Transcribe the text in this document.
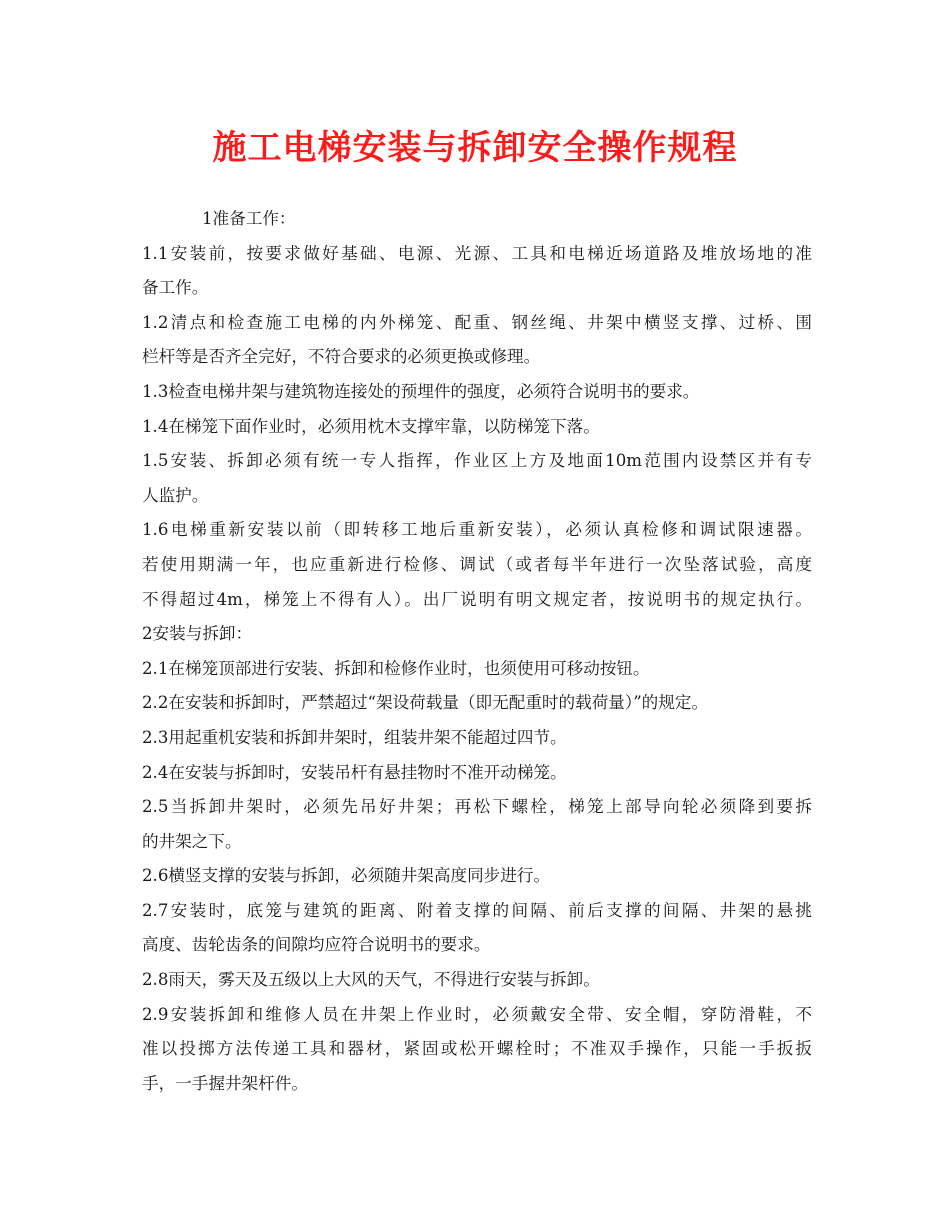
施工电梯安装与拆卸安全操作规程
1准备工作：
1.1安装前，按要求做好基础、电源、光源、工具和电梯近场道路及堆放场地的准
备工作。
1.2清点和检查施工电梯的内外梯笼、配重、钢丝绳、井架中横竖支撑、过桥、围
栏杆等是否齐全完好，不符合要求的必须更换或修理。
1.3检查电梯井架与建筑物连接处的预埋件的强度，必须符合说明书的要求。
1.4在梯笼下面作业时，必须用枕木支撑牢靠，以防梯笼下落。
1.5安装、拆卸必须有统一专人指挥，作业区上方及地面10m范围内设禁区并有专
人监护。
1.6电梯重新安装以前（即转移工地后重新安装），必须认真检修和调试限速器。
若使用期满一年，也应重新进行检修、调试（或者每半年进行一次坠落试验，高度
不得超过4m，梯笼上不得有人）。出厂说明有明文规定者，按说明书的规定执行。
2安装与拆卸：
2.1在梯笼顶部进行安装、拆卸和检修作业时，也须使用可移动按钮。
2.2在安装和拆卸时，严禁超过“架设荷载量（即无配重时的载荷量）”的规定。
2.3用起重机安装和拆卸井架时，组装井架不能超过四节。
2.4在安装与拆卸时，安装吊杆有悬挂物时不准开动梯笼。
2.5当拆卸井架时，必须先吊好井架；再松下螺栓，梯笼上部导向轮必须降到要拆
的井架之下。
2.6横竖支撑的安装与拆卸，必须随井架高度同步进行。
2.7安装时，底笼与建筑的距离、附着支撑的间隔、前后支撑的间隔、井架的悬挑
高度、齿轮齿条的间隙均应符合说明书的要求。
2.8雨天，雾天及五级以上大风的天气，不得进行安装与拆卸。
2.9安装拆卸和维修人员在井架上作业时，必须戴安全带、安全帽，穿防滑鞋，不
准以投掷方法传递工具和器材，紧固或松开螺栓时；不准双手操作，只能一手扳扳
手，一手握井架杆件。
